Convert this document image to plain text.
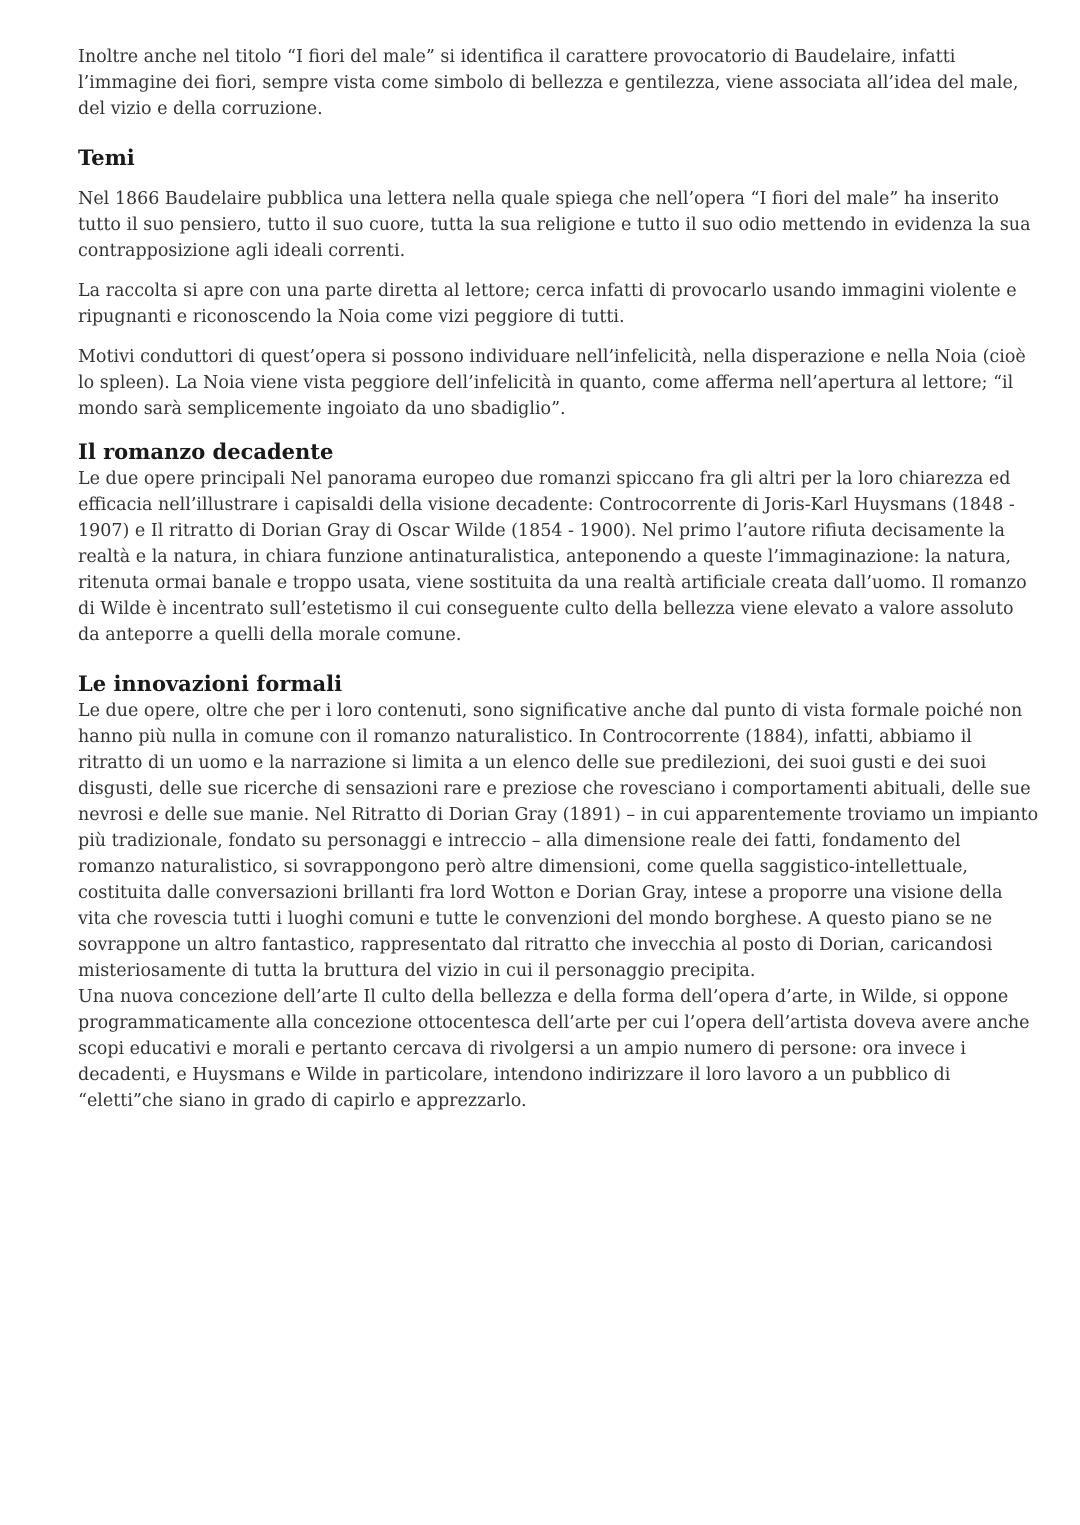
Inoltre anche nel titolo “I fiori del male” si identifica il carattere provocatorio di Baudelaire, infatti l’immagine dei fiori, sempre vista come simbolo di bellezza e gentilezza, viene associata all’idea del male, del vizio e della corruzione.

Temi

Nel 1866 Baudelaire pubblica una lettera nella quale spiega che nell’opera “I fiori del male” ha inserito tutto il suo pensiero, tutto il suo cuore, tutta la sua religione e tutto il suo odio mettendo in evidenza la sua contrapposizione agli ideali correnti.

La raccolta si apre con una parte diretta al lettore; cerca infatti di provocarlo usando immagini violente e ripugnanti e riconoscendo la Noia come vizi peggiore di tutti.

Motivi conduttori di quest’opera si possono individuare nell’infelicità, nella disperazione e nella Noia (cioè lo spleen). La Noia viene vista peggiore dell’infelicità in quanto, come afferma nell’apertura al lettore; “il mondo sarà semplicemente ingoiato da uno sbadiglio”.

Il romanzo decadente

Le due opere principali Nel panorama europeo due romanzi spiccano fra gli altri per la loro chiarezza ed efficacia nell’illustrare i capisaldi della visione decadente: Controcorrente di Joris-Karl Huysmans (1848 - 1907) e Il ritratto di Dorian Gray di Oscar Wilde (1854 - 1900). Nel primo l’autore rifiuta decisamente la realtà e la natura, in chiara funzione antinaturalistica, anteponendo a queste l’immaginazione: la natura, ritenuta ormai banale e troppo usata, viene sostituita da una realtà artificiale creata dall’uomo. Il romanzo di Wilde è incentrato sull’estetismo il cui conseguente culto della bellezza viene elevato a valore assoluto da anteporre a quelli della morale comune.

Le innovazioni formali

Le due opere, oltre che per i loro contenuti, sono significative anche dal punto di vista formale poiché non hanno più nulla in comune con il romanzo naturalistico. In Controcorrente (1884), infatti, abbiamo il ritratto di un uomo e la narrazione si limita a un elenco delle sue predilezioni, dei suoi gusti e dei suoi disgusti, delle sue ricerche di sensazioni rare e preziose che rovesciano i comportamenti abituali, delle sue nevrosi e delle sue manie. Nel Ritratto di Dorian Gray (1891) – in cui apparentemente troviamo un impianto più tradizionale, fondato su personaggi e intreccio – alla dimensione reale dei fatti, fondamento del romanzo naturalistico, si sovrappongono però altre dimensioni, come quella saggistico-intellettuale, costituita dalle conversazioni brillanti fra lord Wotton e Dorian Gray, intese a proporre una visione della vita che rovescia tutti i luoghi comuni e tutte le convenzioni del mondo borghese. A questo piano se ne sovrappone un altro fantastico, rappresentato dal ritratto che invecchia al posto di Dorian, caricandosi misteriosamente di tutta la bruttura del vizio in cui il personaggio precipita.

Una nuova concezione dell’arte Il culto della bellezza e della forma dell’opera d’arte, in Wilde, si oppone programmaticamente alla concezione ottocentesca dell’arte per cui l’opera dell’artista doveva avere anche scopi educativi e morali e pertanto cercava di rivolgersi a un ampio numero di persone: ora invece i decadenti, e Huysmans e Wilde in particolare, intendono indirizzare il loro lavoro a un pubblico di “eletti”che siano in grado di capirlo e apprezzarlo.
